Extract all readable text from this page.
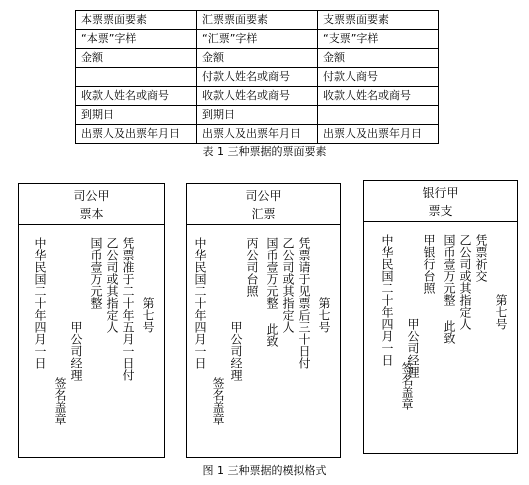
本票票面要素	汇票票面要素	支票票面要素
“本票”字样	“汇票”字样	“支票”字样
金额	金额	金额
	付款人姓名或商号	付款人商号
收款人姓名或商号	收款人姓名或商号	收款人姓名或商号
到期日	到期日	
出票人及出票年月日	出票人及出票年月日	出票人及出票年月日
表 1 三种票据的票面要素
司公甲
票本
第七号
凭票准于二十年五月一日付
乙公司或其指定人
国币壹万元整
甲公司经理
签名盖章
中华民国二十年四月一日
司公甲
汇票
第七号
凭票请于见票后三十日付
乙公司或其指定人
国币壹万元整 此致
丙公司台照
甲公司经理
签名盖章
中华民国二十年四月一日
银行甲
票支
第七号
凭票祈交
乙公司或其指定人
国币壹万元整 此致
甲银行台照
甲公司经理
签名盖章
中华民国二十年四月一日
图 1 三种票据的模拟格式
